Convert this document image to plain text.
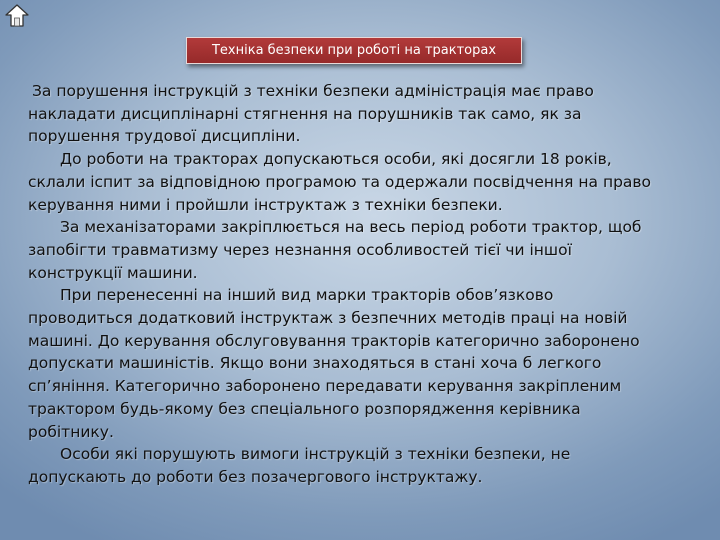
Техніка безпеки при роботі на тракторах

За порушення інструкцій з техніки безпеки адміністрація має право
накладати дисциплінарні стягнення на порушників так само, як за
порушення трудової дисципліни.

До роботи на тракторах допускаються особи, які досягли 18 років,
склали іспит за відповідною програмою та одержали посвідчення на право
керування ними і пройшли інструктаж з техніки безпеки.

За механізаторами закріплюється на весь період роботи трактор, щоб
запобігти травматизму через незнання особливостей тієї чи іншої
конструкції машини.

При перенесенні на інший вид марки тракторів обов’язково
проводиться додатковий інструктаж з безпечних методів праці на новій
машині. До керування обслуговування тракторів категорично заборонено
допускати машиністів. Якщо вони знаходяться в стані хоча б легкого
сп’яніння. Категорично заборонено передавати керування закріпленим
трактором будь-якому без спеціального розпорядження керівника
робітнику.

Особи які порушують вимоги інструкцій з техніки безпеки, не
допускають до роботи без позачергового інструктажу.
